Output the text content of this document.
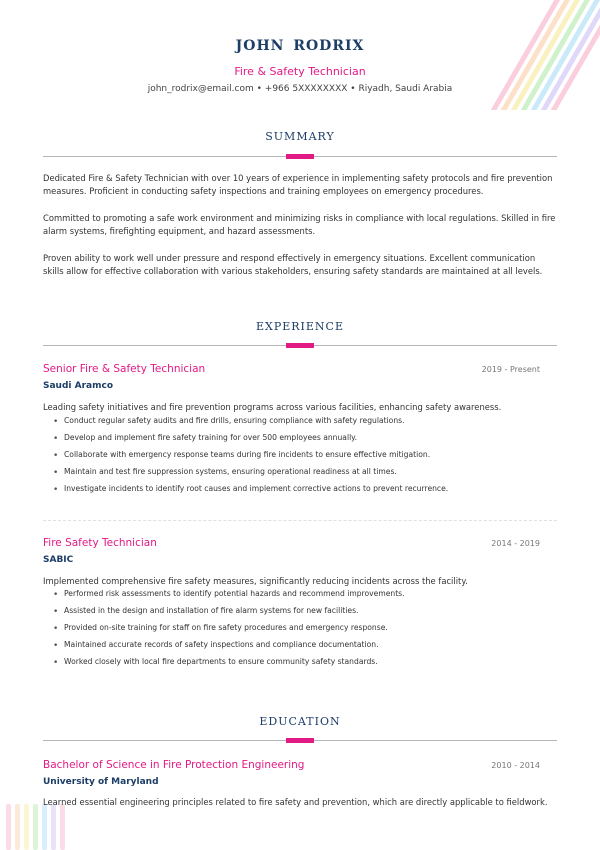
JOHN RODRIX
Fire & Safety Technician
john_rodrix@email.com • +966 5XXXXXXXX • Riyadh, Saudi Arabia
SUMMARY
Dedicated Fire & Safety Technician with over 10 years of experience in implementing safety protocols and fire prevention measures. Proficient in conducting safety inspections and training employees on emergency procedures.
Committed to promoting a safe work environment and minimizing risks in compliance with local regulations. Skilled in fire alarm systems, firefighting equipment, and hazard assessments.
Proven ability to work well under pressure and respond effectively in emergency situations. Excellent communication skills allow for effective collaboration with various stakeholders, ensuring safety standards are maintained at all levels.
EXPERIENCE
Senior Fire & Safety Technician	2019 - Present
Saudi Aramco
Leading safety initiatives and fire prevention programs across various facilities, enhancing safety awareness.
• Conduct regular safety audits and fire drills, ensuring compliance with safety regulations.
• Develop and implement fire safety training for over 500 employees annually.
• Collaborate with emergency response teams during fire incidents to ensure effective mitigation.
• Maintain and test fire suppression systems, ensuring operational readiness at all times.
• Investigate incidents to identify root causes and implement corrective actions to prevent recurrence.
Fire Safety Technician	2014 - 2019
SABIC
Implemented comprehensive fire safety measures, significantly reducing incidents across the facility.
• Performed risk assessments to identify potential hazards and recommend improvements.
• Assisted in the design and installation of fire alarm systems for new facilities.
• Provided on-site training for staff on fire safety procedures and emergency response.
• Maintained accurate records of safety inspections and compliance documentation.
• Worked closely with local fire departments to ensure community safety standards.
EDUCATION
Bachelor of Science in Fire Protection Engineering	2010 - 2014
University of Maryland
Learned essential engineering principles related to fire safety and prevention, which are directly applicable to fieldwork.
